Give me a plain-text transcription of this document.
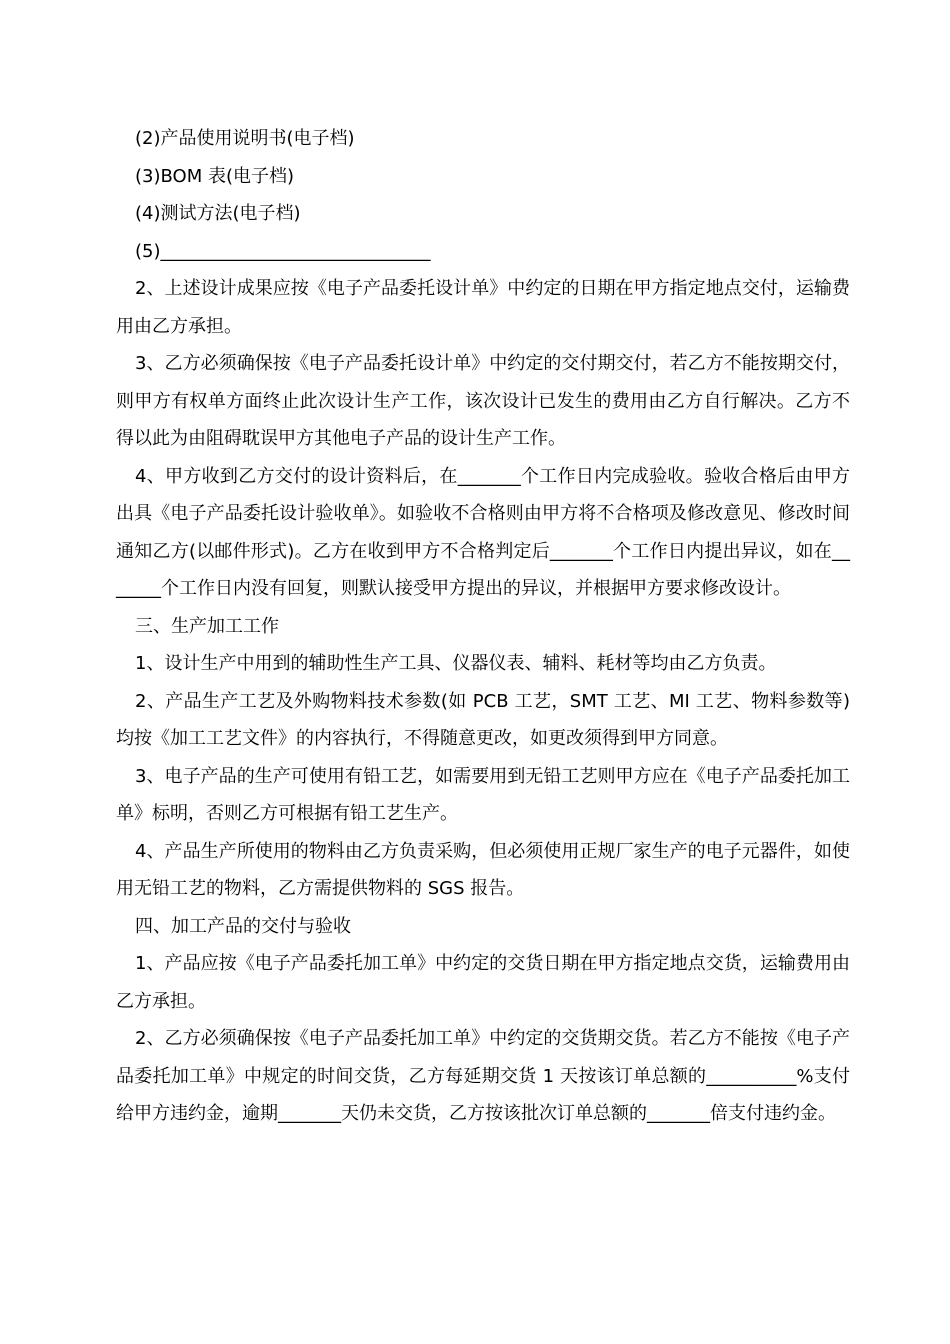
(2)产品使用说明书(电子档)

(3)BOM 表(电子档)

(4)测试方法(电子档)

(5)______________________________

2、上述设计成果应按《电子产品委托设计单》中约定的日期在甲方指定地点交付，运输费用由乙方承担。

3、乙方必须确保按《电子产品委托设计单》中约定的交付期交付，若乙方不能按期交付，则甲方有权单方面终止此次设计生产工作，该次设计已发生的费用由乙方自行解决。乙方不得以此为由阻碍耽误甲方其他电子产品的设计生产工作。

4、甲方收到乙方交付的设计资料后，在_______个工作日内完成验收。验收合格后由甲方出具《电子产品委托设计验收单》。如验收不合格则由甲方将不合格项及修改意见、修改时间通知乙方(以邮件形式)。乙方在收到甲方不合格判定后_______个工作日内提出异议，如在_______个工作日内没有回复，则默认接受甲方提出的异议，并根据甲方要求修改设计。

三、生产加工工作

1、设计生产中用到的辅助性生产工具、仪器仪表、辅料、耗材等均由乙方负责。

2、产品生产工艺及外购物料技术参数(如 PCB 工艺，SMT 工艺、MI 工艺、物料参数等)均按《加工工艺文件》的内容执行，不得随意更改，如更改须得到甲方同意。

3、电子产品的生产可使用有铅工艺，如需要用到无铅工艺则甲方应在《电子产品委托加工单》标明，否则乙方可根据有铅工艺生产。

4、产品生产所使用的物料由乙方负责采购，但必须使用正规厂家生产的电子元器件，如使用无铅工艺的物料，乙方需提供物料的 SGS 报告。

四、加工产品的交付与验收

1、产品应按《电子产品委托加工单》中约定的交货日期在甲方指定地点交货，运输费用由乙方承担。

2、乙方必须确保按《电子产品委托加工单》中约定的交货期交货。若乙方不能按《电子产品委托加工单》中规定的时间交货，乙方每延期交货 1 天按该订单总额的__________%支付给甲方违约金，逾期_______天仍未交货，乙方按该批次订单总额的_______倍支付违约金。
